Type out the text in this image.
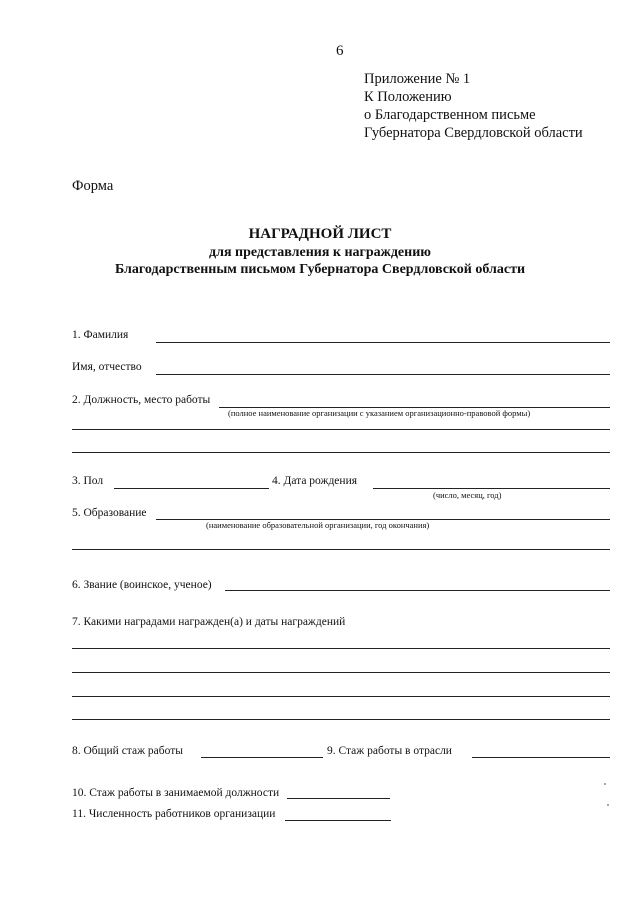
6
Приложение № 1
К Положению
о Благодарственном письме
Губернатора Свердловской области
Форма
НАГРАДНОЙ ЛИСТ
для представления к награждению
Благодарственным письмом Губернатора Свердловской области
1. Фамилия
Имя, отчество
2. Должность, место работы
(полное наименование организации с указанием организационно-правовой формы)
3. Пол	4. Дата рождения
(число, месяц, год)
5. Образование
(наименование образовательной организации, год окончания)
6. Звание (воинское, ученое)
7. Какими наградами награжден(а) и даты награждений
8. Общий стаж работы	9. Стаж работы в отрасли
10. Стаж работы в занимаемой должности
11. Численность работников организации
